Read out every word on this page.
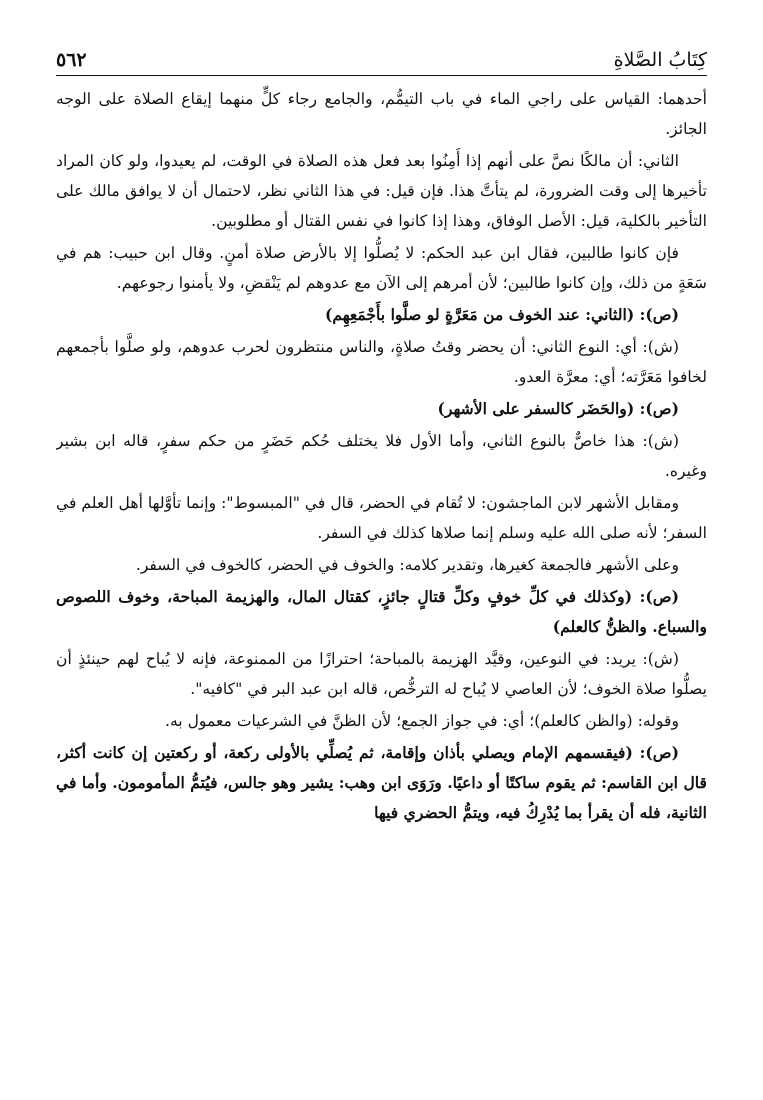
كِتَابُ الصَّلاةِ
٥٦٢

أحدهما: القياس على راجي الماء في باب التيمُّم، والجامع رجاء كلٍّ منهما إيقاع الصلاة على الوجه الجائز.

الثاني: أن مالكًا نصَّ على أنهم إذا أَمِنُوا بعد فعل هذه الصلاة في الوقت، لم يعيدوا، ولو كان المراد تأخيرها إلى وقت الضرورة، لم يتأتَّ هذا. فإن قيل: في هذا الثاني نظر، لاحتمال أن لا يوافق مالك على التأخير بالكلية، قيل: الأصل الوفاق، وهذا إذا كانوا في نفس القتال أو مطلوبين.

فإن كانوا طالبين، فقال ابن عبد الحكم: لا يُصلُّوا إلا بالأرض صلاة أمنٍ. وقال ابن حبيب: هم في سَعَةٍ من ذلك، وإن كانوا طالبين؛ لأن أمرهم إلى الآن مع عدوهم لم يَنْقضِ، ولا يأمنوا رجوعهم.

(ص): (الثاني: عند الخوف من مَعَرَّةٍ لو صلَّوا بأَجْمَعِهِم)

(ش): أي: النوع الثاني: أن يحضر وقتُ صلاةٍ، والناس منتظرون لحرب عدوهم، ولو صلَّوا بأجمعهم لخافوا مَعَرَّته؛ أي: معرَّة العدو.

(ص): (والحَضَر كالسفر على الأشهر)

(ش): هذا خاصٌّ بالنوع الثاني، وأما الأول فلا يختلف حُكم حَضَرٍ من حكم سفرٍ، قاله ابن بشير وغيره.

ومقابل الأشهر لابن الماجشون: لا تُقام في الحضر، قال في "المبسوط": وإنما تأوَّلها أهل العلم في السفر؛ لأنه صلى الله عليه وسلم إنما صلاها كذلك في السفر.

وعلى الأشهر فالجمعة كغيرها، وتقدير كلامه: والخوف في الحضر، كالخوف في السفر.

(ص): (وكذلك في كلِّ خوفٍ وكلِّ قتالٍ جائزٍ، كقتال المال، والهزيمة المباحة، وخوف اللصوص والسباع. والظنُّ كالعلم)

(ش): يريد: في النوعين، وقيَّد الهزيمة بالمباحة؛ احترازًا من الممنوعة، فإنه لا يُباح لهم حينئذٍ أن يصلُّوا صلاة الخوف؛ لأن العاصي لا يُباح له الترخُّص، قاله ابن عبد البر في "كافيه".

وقوله: (والظن كالعلم)؛ أي: في جواز الجمع؛ لأن الظنَّ في الشرعيات معمول به.

(ص): (فيقسمهم الإمام ويصلي بأذان وإقامة، ثم يُصلِّي بالأولى ركعة، أو ركعتين إن كانت أكثر، قال ابن القاسم: ثم يقوم ساكتًا أو داعيًا. ورَوَى ابن وهب: يشير وهو جالس، فيُتمُّ المأمومون. وأما في الثانية، فله أن يقرأ بما يُدْرِكُ فيه، ويتمُّ الحضري فيها
